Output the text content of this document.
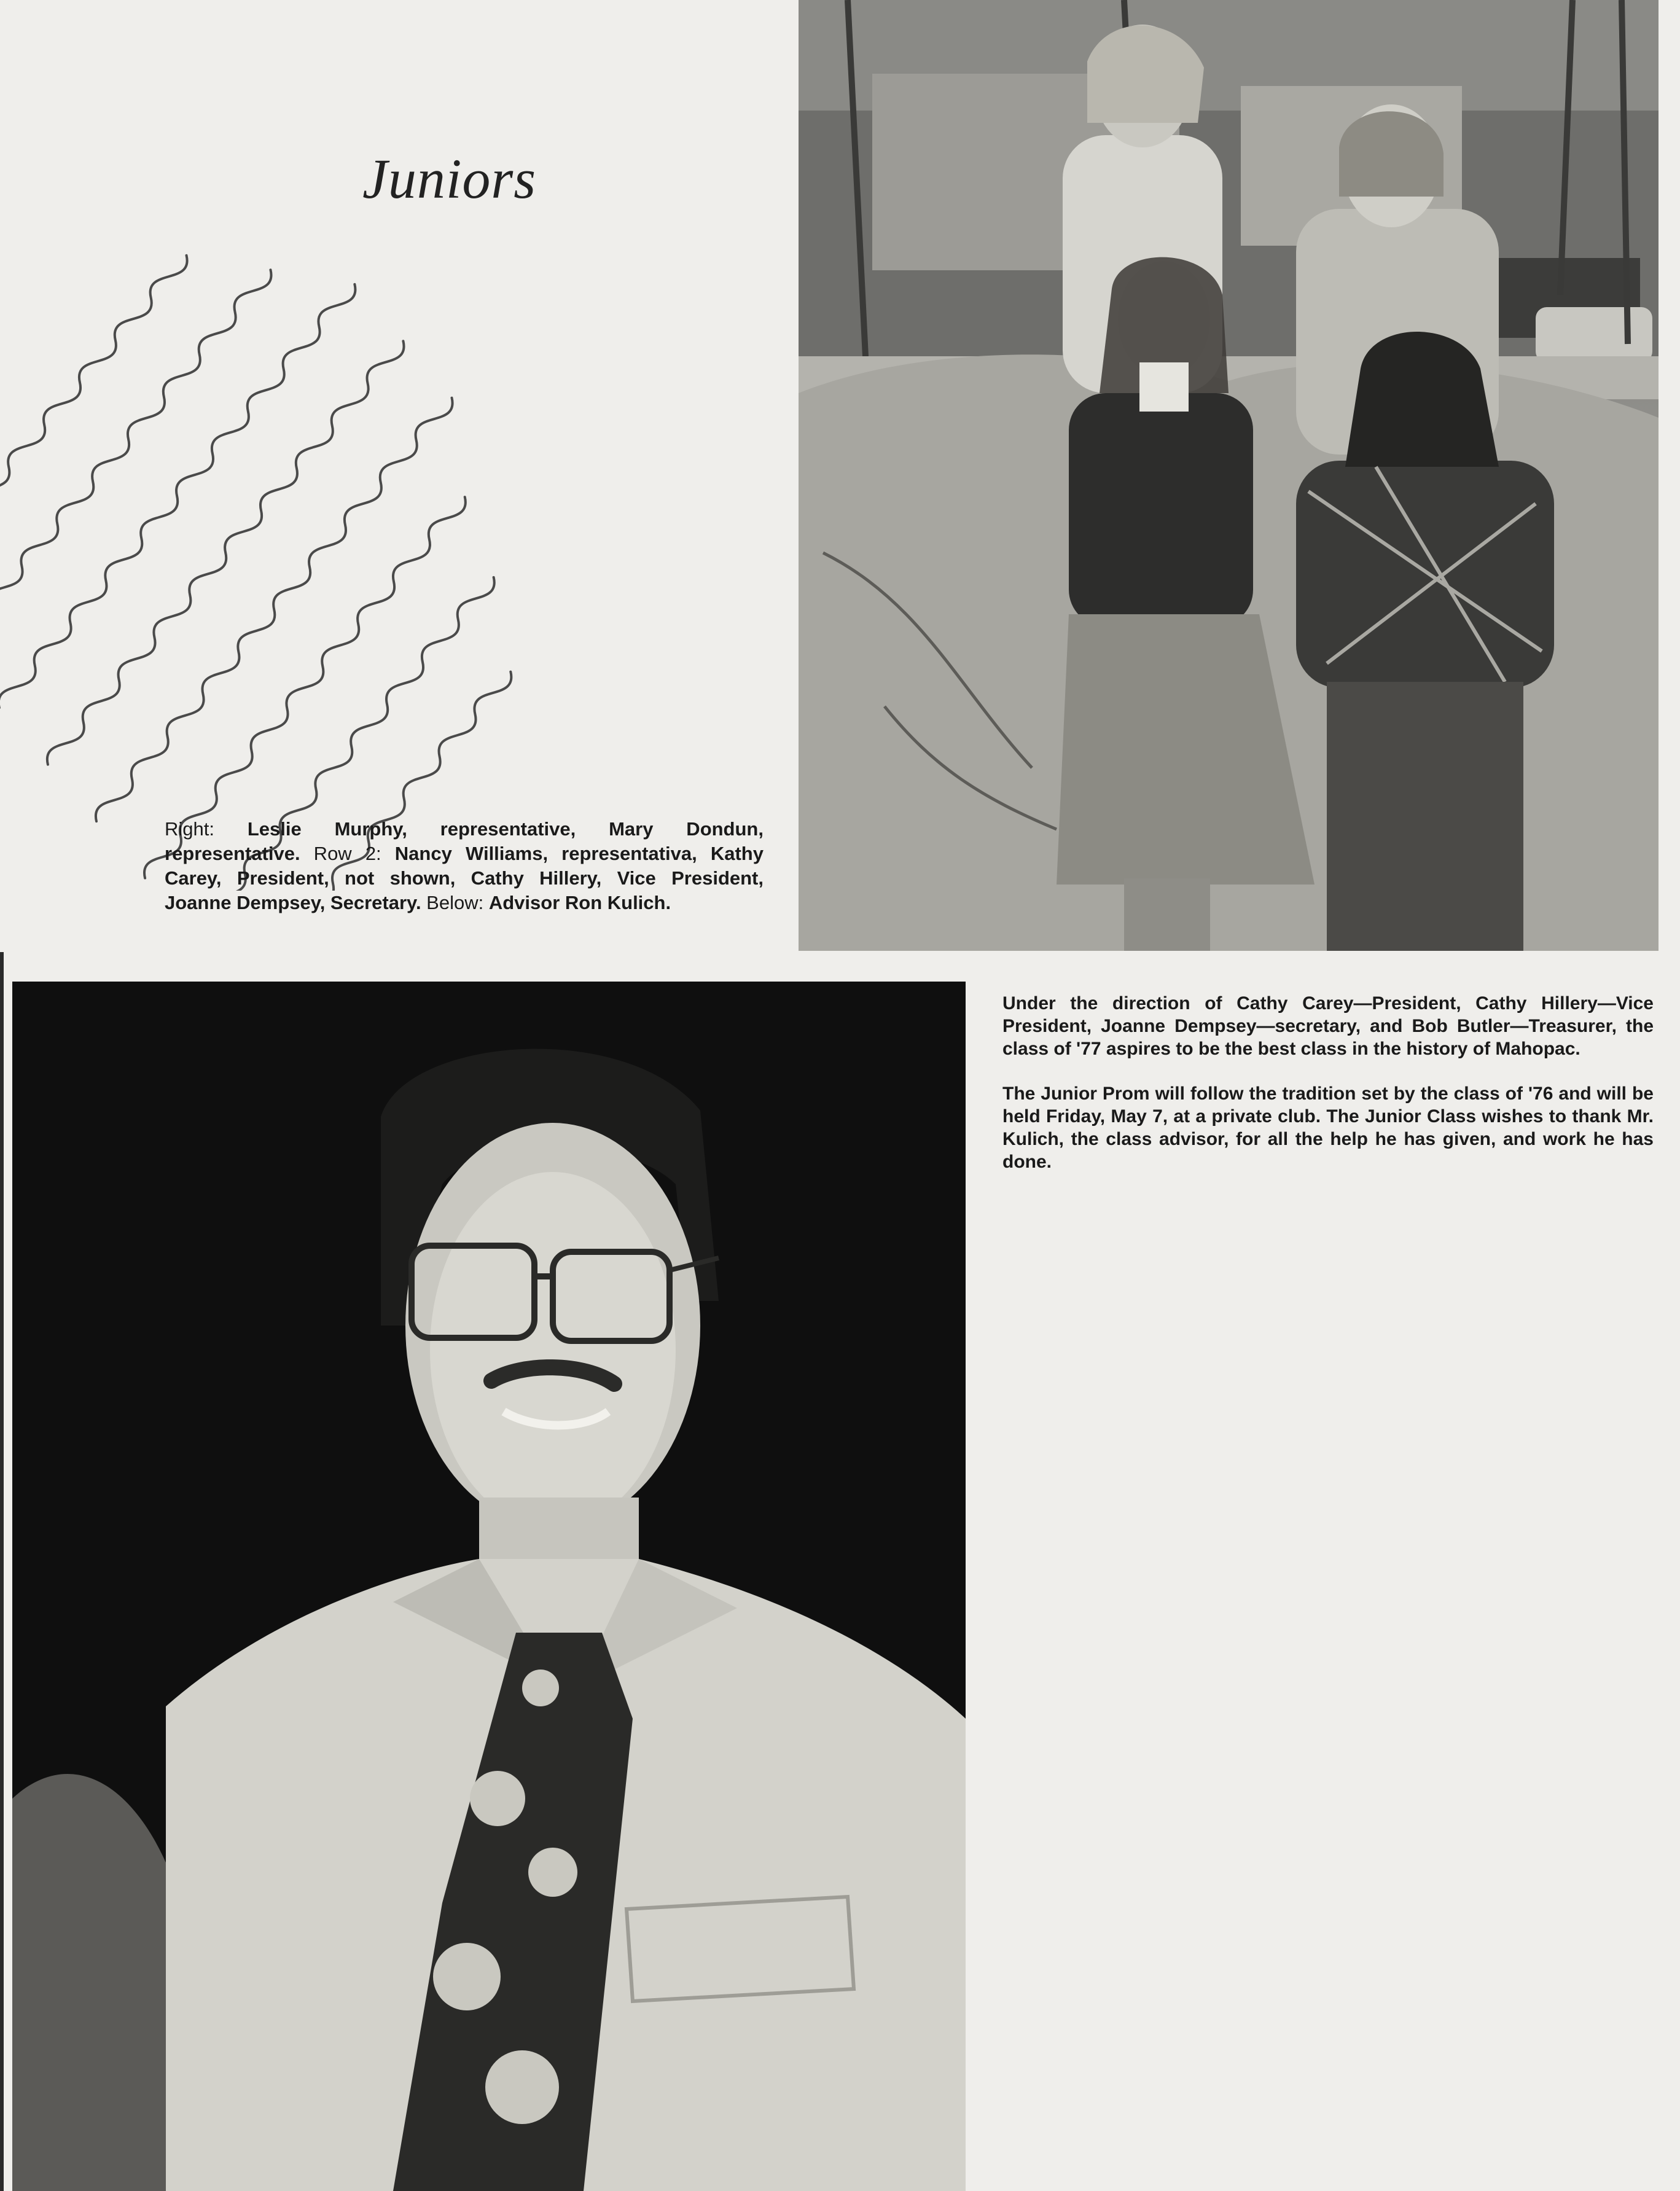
Juniors

Right: Leslie Murphy, representative, Mary Dondun, representative. Row 2: Nancy Williams, representativa, Kathy Carey, President, not shown, Cathy Hillery, Vice President, Joanne Dempsey, Secretary. Below: Advisor Ron Kulich.

Under the direction of Cathy Carey—President, Cathy Hillery—Vice President, Joanne Dempsey—secretary, and Bob Butler—Treasurer, the class of '77 aspires to be the best class in the history of Mahopac.

The Junior Prom will follow the tradition set by the class of '76 and will be held Friday, May 7, at a private club. The Junior Class wishes to thank Mr. Kulich, the class advisor, for all the help he has given, and work he has done.
